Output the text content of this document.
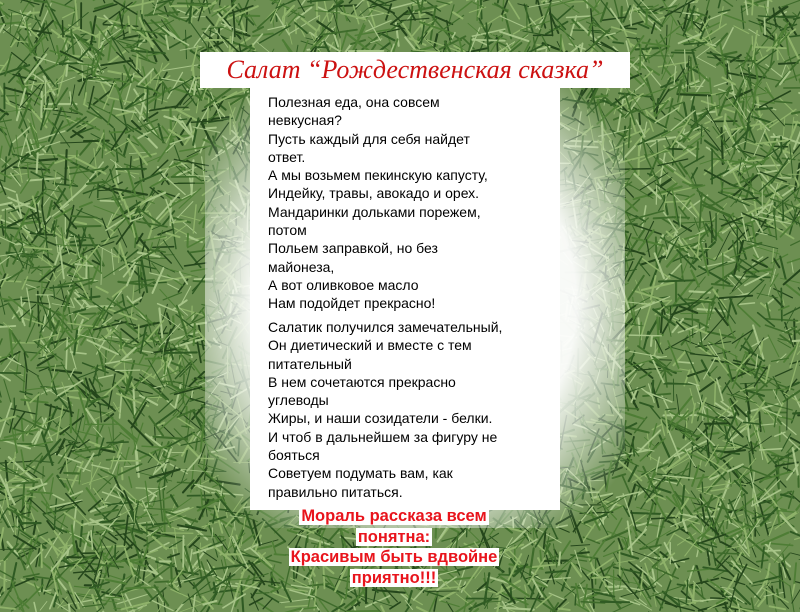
Салат “Рождественская сказка”
Полезная еда, она совсем
невкусная?
Пусть каждый для себя найдет
ответ.
А мы возьмем пекинскую капусту,
Индейку, травы, авокадо и орех.
Мандаринки дольками порежем,
потом
Польем заправкой, но без
майонеза,
А вот оливковое масло
Нам подойдет прекрасно!
Салатик получился замечательный,
Он диетический и вместе с тем
питательный
В нем сочетаются прекрасно
углеводы
Жиры, и наши созидатели - белки.
И чтоб в дальнейшем за фигуру не
бояться
Советуем подумать вам, как
правильно питаться.
Мораль рассказа всем
понятна:
Красивым быть вдвойне
приятно!!!
